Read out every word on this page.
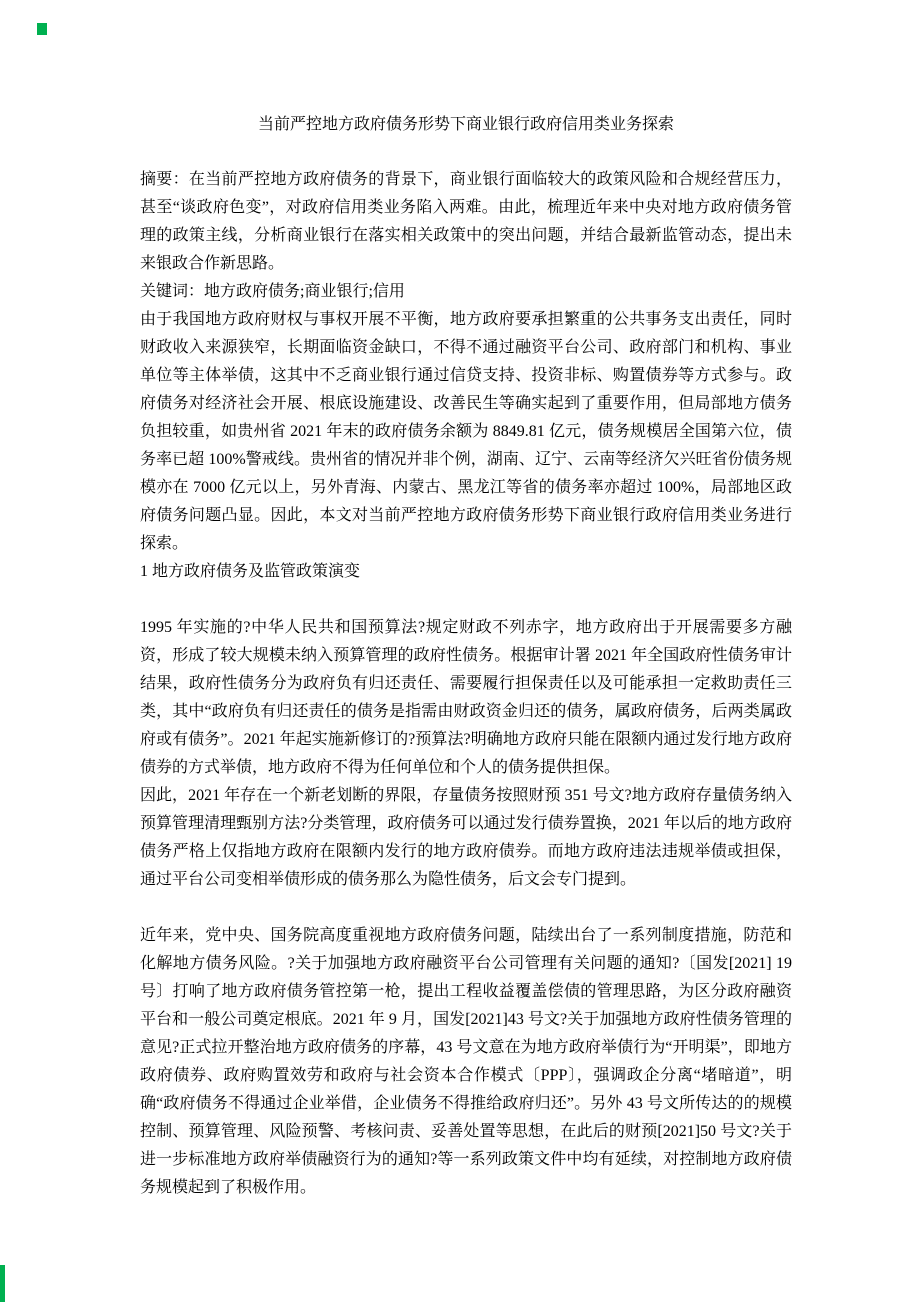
当前严控地方政府债务形势下商业银行政府信用类业务探索

摘要：在当前严控地方政府债务的背景下，商业银行面临较大的政策风险和合规经营压力，甚至“谈政府色变”，对政府信用类业务陷入两难。由此，梳理近年来中央对地方政府债务管理的政策主线，分析商业银行在落实相关政策中的突出问题，并结合最新监管动态，提出未来银政合作新思路。

关键词：地方政府债务;商业银行;信用

由于我国地方政府财权与事权开展不平衡，地方政府要承担繁重的公共事务支出责任，同时财政收入来源狭窄，长期面临资金缺口，不得不通过融资平台公司、政府部门和机构、事业单位等主体举债，这其中不乏商业银行通过信贷支持、投资非标、购置债券等方式参与。政府债务对经济社会开展、根底设施建设、改善民生等确实起到了重要作用，但局部地方债务负担较重，如贵州省 2021 年末的政府债务余额为 8849.81 亿元，债务规模居全国第六位，债务率已超 100%警戒线。贵州省的情况并非个例，湖南、辽宁、云南等经济欠兴旺省份债务规模亦在 7000 亿元以上，另外青海、内蒙古、黑龙江等省的债务率亦超过 100%，局部地区政府债务问题凸显。因此，本文对当前严控地方政府债务形势下商业银行政府信用类业务进行探索。

1 地方政府债务及监管政策演变

1995 年实施的?中华人民共和国预算法?规定财政不列赤字，地方政府出于开展需要多方融资，形成了较大规模未纳入预算管理的政府性债务。根据审计署 2021 年全国政府性债务审计结果，政府性债务分为政府负有归还责任、需要履行担保责任以及可能承担一定救助责任三类，其中“政府负有归还责任的债务是指需由财政资金归还的债务，属政府债务，后两类属政府或有债务”。2021 年起实施新修订的?预算法?明确地方政府只能在限额内通过发行地方政府债券的方式举债，地方政府不得为任何单位和个人的债务提供担保。

因此，2021 年存在一个新老划断的界限，存量债务按照财预 351 号文?地方政府存量债务纳入预算管理清理甄别方法?分类管理，政府债务可以通过发行债券置换，2021 年以后的地方政府债务严格上仅指地方政府在限额内发行的地方政府债券。而地方政府违法违规举债或担保，通过平台公司变相举债形成的债务那么为隐性债务，后文会专门提到。

近年来，党中央、国务院高度重视地方政府债务问题，陆续出台了一系列制度措施，防范和化解地方债务风险。?关于加强地方政府融资平台公司管理有关问题的通知?〔国发[2021] 19 号〕打响了地方政府债务管控第一枪，提出工程收益覆盖偿债的管理思路，为区分政府融资平台和一般公司奠定根底。2021 年 9 月，国发[2021]43 号文?关于加强地方政府性债务管理的意见?正式拉开整治地方政府债务的序幕，43 号文意在为地方政府举债行为“开明渠”，即地方政府债券、政府购置效劳和政府与社会资本合作模式〔PPP〕，强调政企分离“堵暗道”，明确“政府债务不得通过企业举借，企业债务不得推给政府归还”。另外 43 号文所传达的的规模控制、预算管理、风险预警、考核问责、妥善处置等思想，在此后的财预[2021]50 号文?关于进一步标准地方政府举债融资行为的通知?等一系列政策文件中均有延续，对控制地方政府债务规模起到了积极作用。
